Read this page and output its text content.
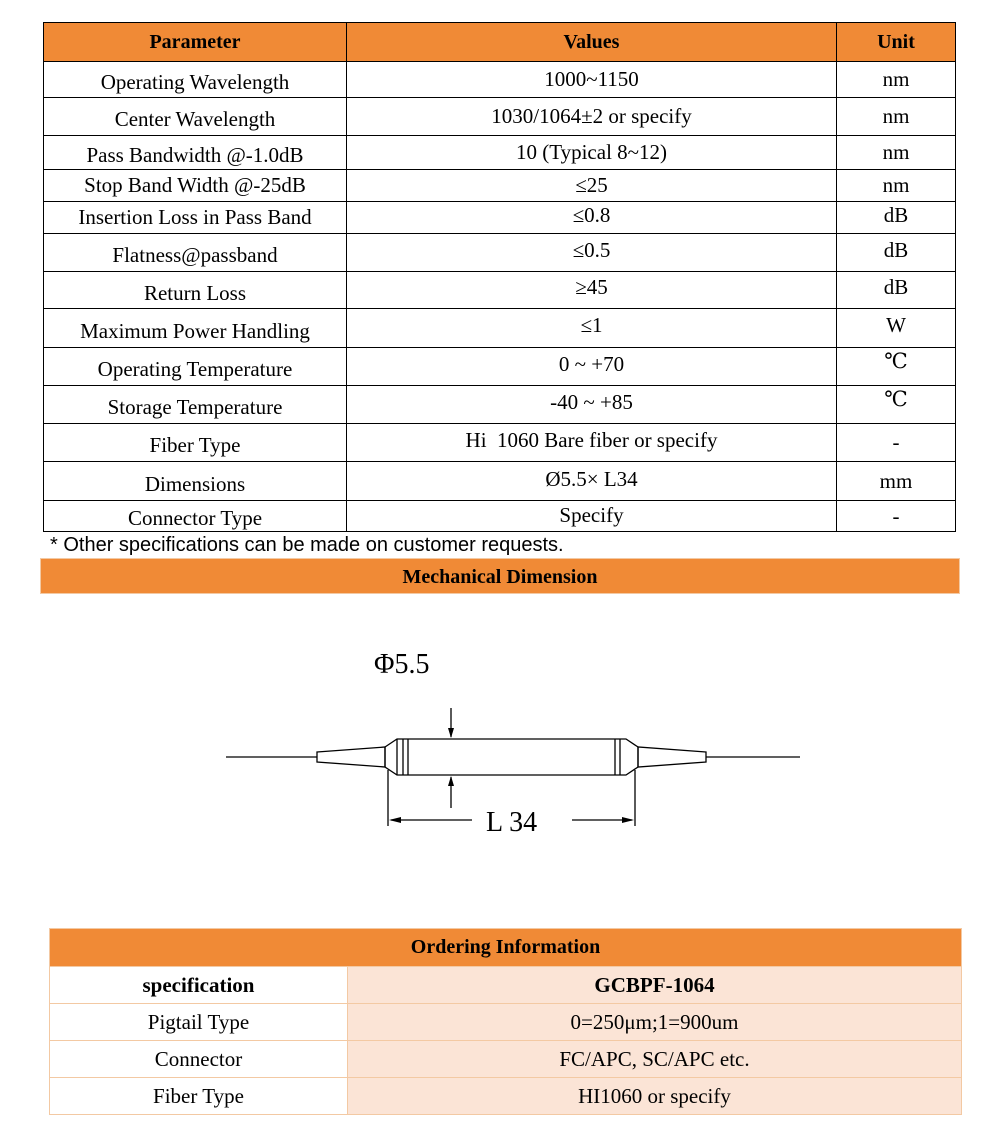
Parameter	Values	Unit
Operating Wavelength	1000~1150	nm
Center Wavelength	1030/1064±2 or specify	nm
Pass Bandwidth @-1.0dB	10 (Typical 8~12)	nm
Stop Band Width @-25dB	≤25	nm
Insertion Loss in Pass Band	≤0.8	dB
Flatness@passband	≤0.5	dB
Return Loss	≥45	dB
Maximum Power Handling	≤1	W
Operating Temperature	0 ~ +70	℃
Storage Temperature	-40 ~ +85	℃
Fiber Type	Hi  1060 Bare fiber or specify	-
Dimensions	Ø5.5× L34	mm
Connector Type	Specify	-
* Other specifications can be made on customer requests.
Mechanical Dimension
Φ5.5
L 34
Ordering Information	
specification	GCBPF-1064
Pigtail Type	0=250μm;1=900um
Connector	FC/APC, SC/APC etc.
Fiber Type	HI1060 or specify
